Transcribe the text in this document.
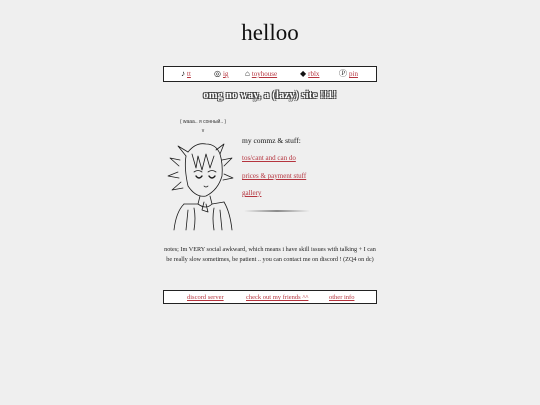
helloo
♪ tt	◎ ig ⌂ toyhouse	◆ rblx Ⓟ pin
omg no way, a (lazy) site !!1!
( waaa.. я сонный.. )
v
my commz & stuff:
tos/cant and can do
prices & payment stuff
gallery
notes; Im VERY social awkward, which means i have skill issues with talking + I can be really slow sometimes, be patient .. you can contact me on discord ! (ZQ4 on dc)
discord server	check out my friends ^^	other info
